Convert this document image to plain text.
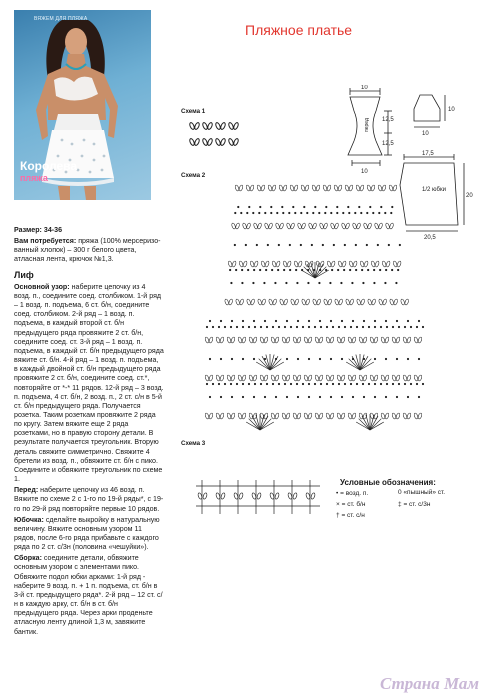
ВЯЖЕМ ДЛЯ ПЛЯЖА
Королева
пляжа
Пляжное платье

Размер: 34-36

Вам потребуется: пряжа (100% мерсеризо-ванный хлопок) – 300 г белого цвета, атласная лента, крючок №1,3.

Лиф

Основной узор: наберите цепочку из 4 возд. п., соедините соед. столбиком. 1-й ряд – 1 возд. п. подъема, 6 ст. б/н, соедините соед. столбиком. 2-й ряд – 1 возд. п. подъема, в каждый второй ст. б/н предыдущего ряда провяжите 2 ст. б/н, соедините соед. ст. 3-й ряд – 1 возд. п. подъема, в каждый ст. б/н предыдущего ряда вяжите ст. б/н. 4-й ряд – 1 возд. п. подъема, в каждый двойной ст. б/н предыдущего ряда провяжите 2 ст. б/н, соедините соед. ст.*, повторяйте от *-* 11 рядов. 12-й ряд – 3 возд. п. подъема, 4 ст. б/н, 2 возд. п., 2 ст. с/н в 5-й ст. б/н предыдущего ряда. Получается розетка. Таким розеткам провяжите 2 ряда по кругу. Затем вяжите еще 2 ряда розетками, но в правую сторону детали. В результате получается треугольник. Вторую деталь свяжите симметрично. Свяжите 4 бретели из возд. п., обвяжите ст. б/н с пико. Соедините и обвяжите треугольник по схеме 1.

Перед: наберите цепочку из 46 возд. п. Вяжите по схеме 2 с 1-го по 19-й ряды*, с 19-го по 29-й ряд повторяйте первые 10 рядов.

Юбочка: сделайте выкройку в натуральную величину. Вяжите основным узором 11 рядов, после 6-го ряда прибавьте с каждого ряда по 2 ст. с/3н (половина «чешуйки»).

Сборка: соедините детали, обвяжите основным узором с элементами пико. Обвяжите подол юбки арками: 1-й ряд - наберите 9 возд. п. + 1 п. подъема, ст. б/н в 3-й ст. предыдущего ряда*. 2-й ряд – 12 ст. с/н в каждую арку, ст. б/н в ст. б/н предыдущего ряда. Через арки проденьте атласную ленту длиной 1,3 м, завяжите бантик.

Схема 1
Схема 2
Схема 3
10
12,5
12,5
10
перед
10
10
17,5
1/2 юбки
20
20,5
Условные обозначения:
• = возд. п.	0 «пышный» ст.
× = ст. б/н	‡ = ст. с/3н
† = ст. с/н
Страна Мам
